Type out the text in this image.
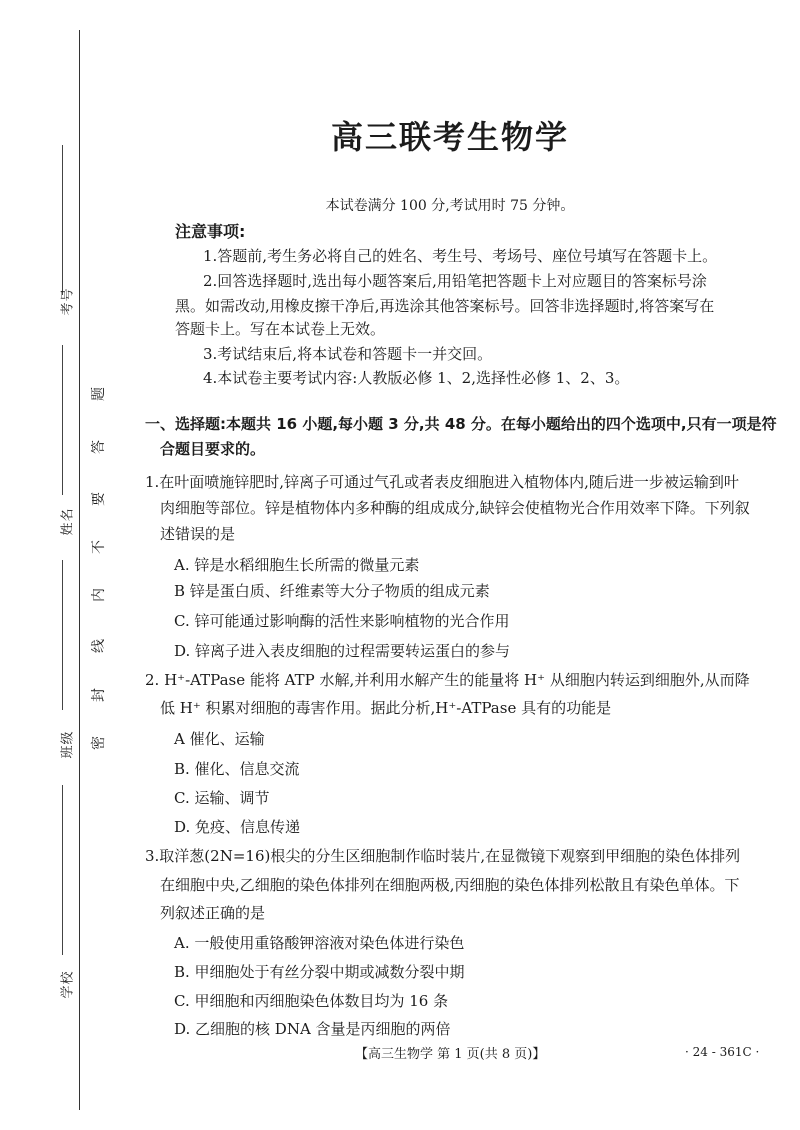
考号
姓名
班级
学校
题
答
要
不
内
线
封
密
高三联考生物学
本试卷满分 100 分,考试用时 75 分钟。
注意事项:
1.答题前,考生务必将自己的姓名、考生号、考场号、座位号填写在答题卡上。
2.回答选择题时,选出每小题答案后,用铅笔把答题卡上对应题目的答案标号涂
黑。如需改动,用橡皮擦干净后,再选涂其他答案标号。回答非选择题时,将答案写在
答题卡上。写在本试卷上无效。
3.考试结束后,将本试卷和答题卡一并交回。
4.本试卷主要考试内容:人教版必修 1、2,选择性必修 1、2、3。
一、选择题:本题共 16 小题,每小题 3 分,共 48 分。在每小题给出的四个选项中,只有一项是符
合题目要求的。
1.在叶面喷施锌肥时,锌离子可通过气孔或者表皮细胞进入植物体内,随后进一步被运输到叶
肉细胞等部位。锌是植物体内多种酶的组成成分,缺锌会使植物光合作用效率下降。下列叙
述错误的是
A. 锌是水稻细胞生长所需的微量元素
B 锌是蛋白质、纤维素等大分子物质的组成元素
C. 锌可能通过影响酶的活性来影响植物的光合作用
D. 锌离子进入表皮细胞的过程需要转运蛋白的参与
2. H⁺-ATPase 能将 ATP 水解,并利用水解产生的能量将 H⁺ 从细胞内转运到细胞外,从而降
低 H⁺ 积累对细胞的毒害作用。据此分析,H⁺-ATPase 具有的功能是
A 催化、运输
B. 催化、信息交流
C. 运输、调节
D. 免疫、信息传递
3.取洋葱(2N=16)根尖的分生区细胞制作临时装片,在显微镜下观察到甲细胞的染色体排列
在细胞中央,乙细胞的染色体排列在细胞两极,丙细胞的染色体排列松散且有染色单体。下
列叙述正确的是
A. 一般使用重铬酸钾溶液对染色体进行染色
B. 甲细胞处于有丝分裂中期或减数分裂中期
C. 甲细胞和丙细胞染色体数目均为 16 条
D. 乙细胞的核 DNA 含量是丙细胞的两倍
【高三生物学 第 1 页(共 8 页)】	· 24 - 361C ·
